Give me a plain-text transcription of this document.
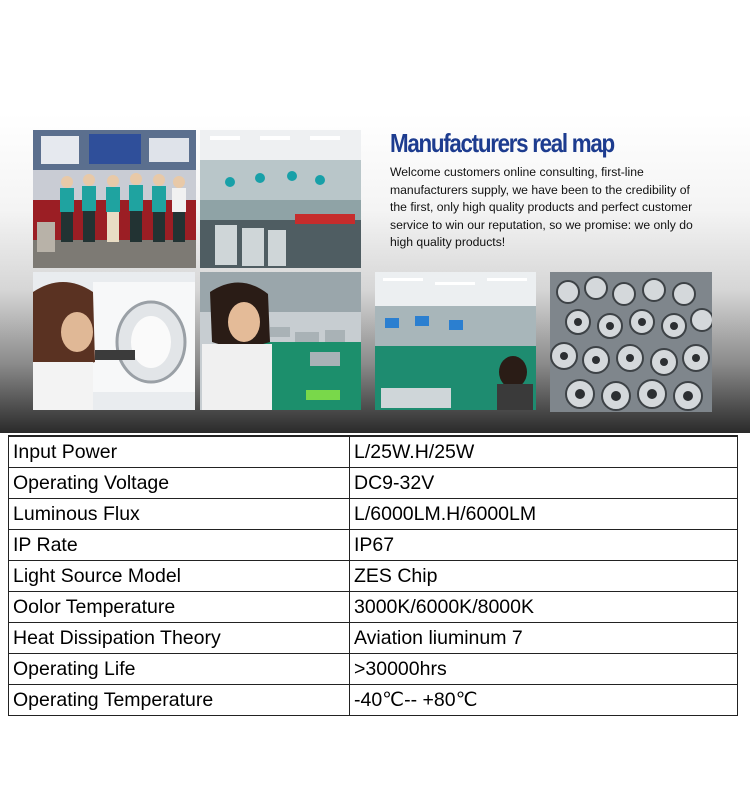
Manufacturers real map

Welcome customers online consulting, first-line manufacturers supply, we have been to the credibility of the first, only high quality products and perfect customer service to win our reputation, so we promise: we only do high quality products!

Input Power	L/25W.H/25W
Operating Voltage	DC9-32V
Luminous Flux	L/6000LM.H/6000LM
IP Rate	IP67
Light Source Model	ZES Chip
Oolor Temperature	3000K/6000K/8000K
Heat Dissipation Theory	Aviation liuminum 7
Operating Life	>30000hrs
Operating Temperature	-40℃-- +80℃
